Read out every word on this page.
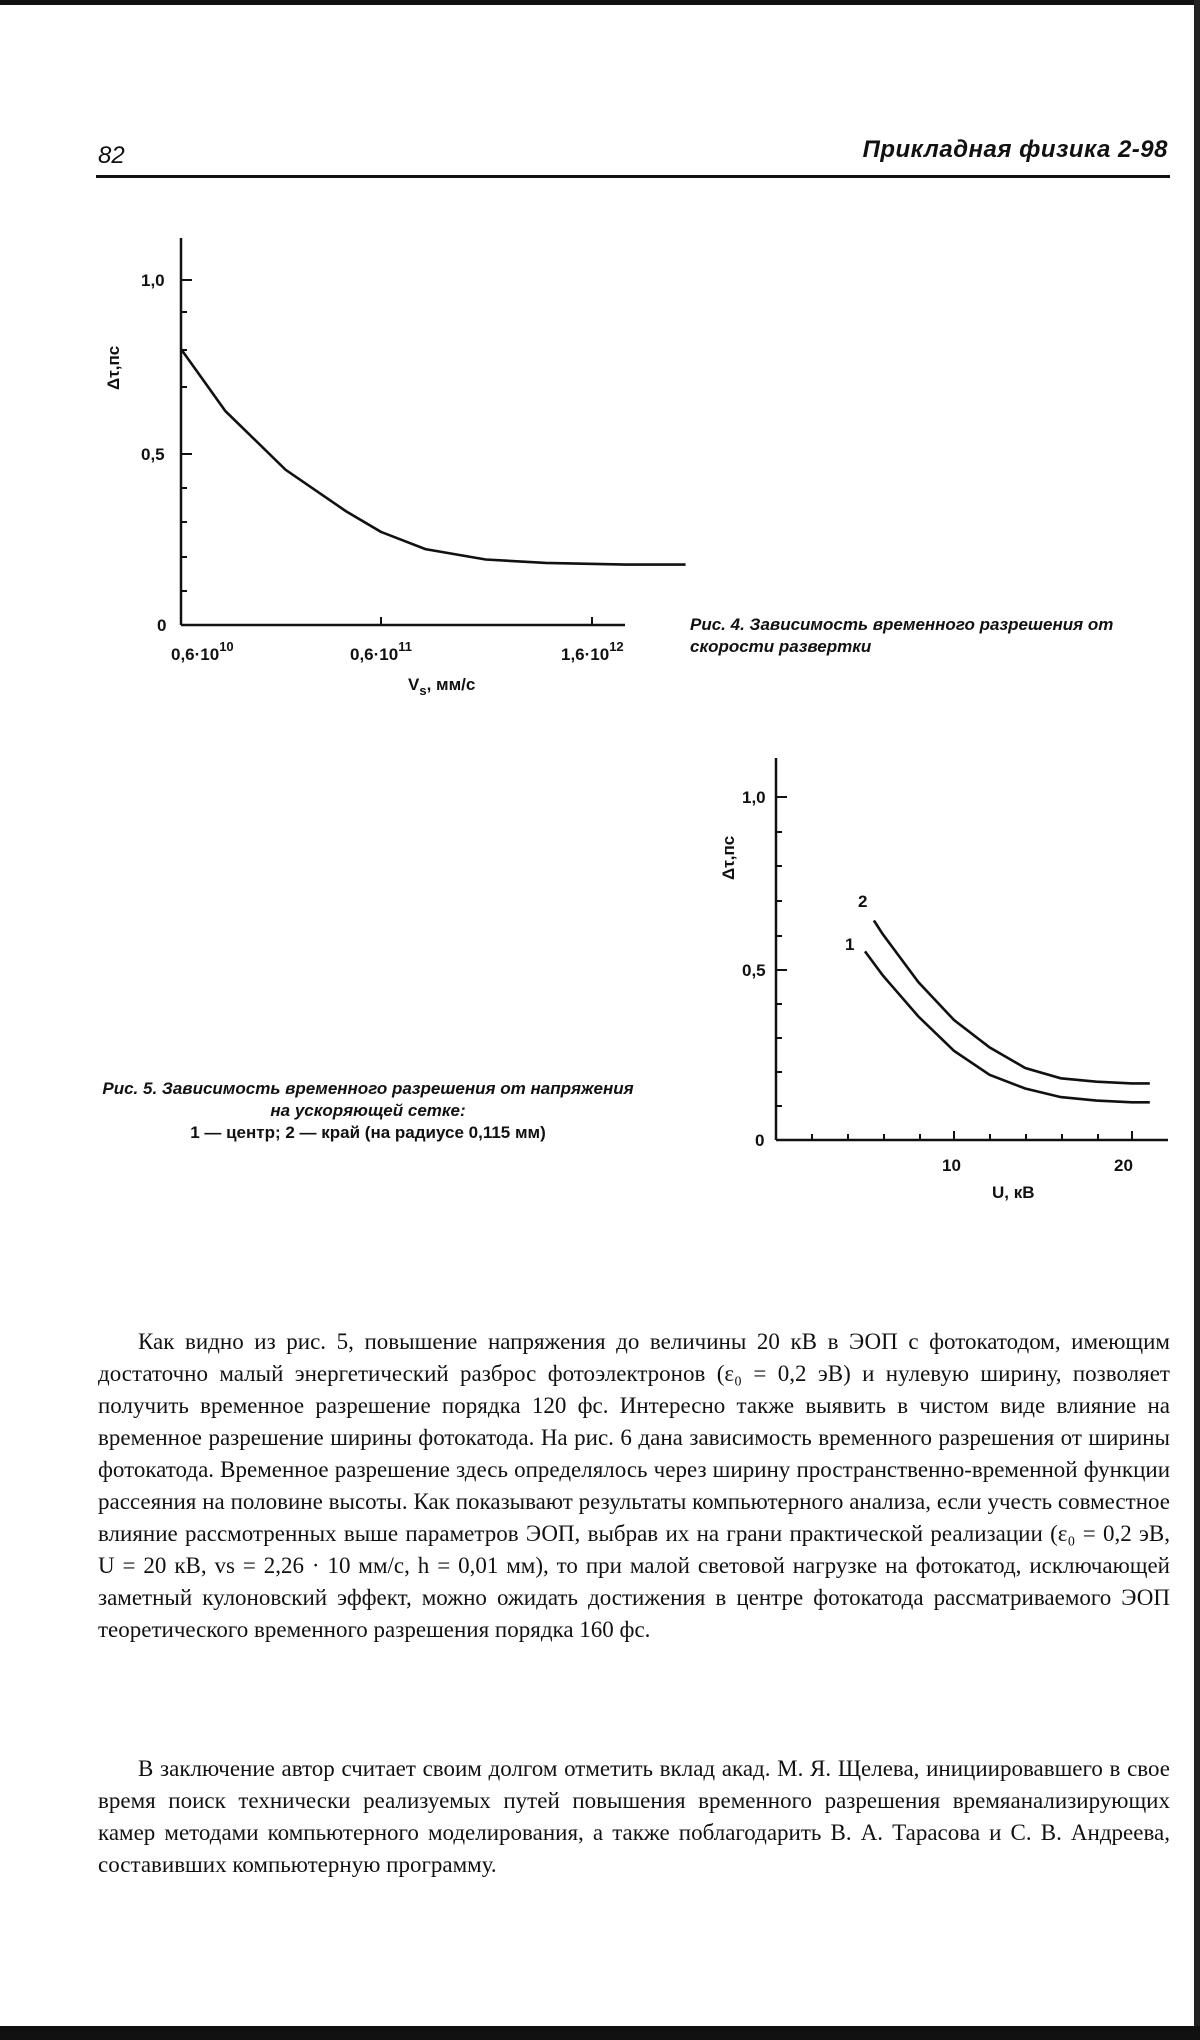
82	Прикладная физика 2-98
1,0
0,5
0
Δτ,пс
$0,6\cdot 10^{10}$	$0,6\cdot 10^{11}$	$1,6\cdot 10^{12}$
$V_s$, мм/с
1,0
0,5
0
Δτ,пс
10	20
U, кВ
1
2
Рис. 4. Зависимость временного разрешения от скорости развертки
Рис. 5. Зависимость временного разрешения от напряжения на ускоряющей сетке:
1 — центр; 2 — край (на радиусе 0,115 мм)
Как видно из рис. 5, повышение напряжения до величины 20 кВ в ЭОП с фотокатодом, имеющим достаточно малый энергетический разброс фотоэлектронов (ε₀ = 0,2 эВ) и нулевую ширину, позволяет получить временное разрешение порядка 120 фс. Интересно также выявить в чистом виде влияние на временное разрешение ширины фотокатода. На рис. 6 дана зависимость временного разрешения от ширины фотокатода. Временное разрешение здесь определялось через ширину пространственно-временной функции рассеяния на половине высоты. Как показывают результаты компьютерного анализа, если учесть совместное влияние рассмотренных выше параметров ЭОП, выбрав их на грани практической реализации (ε₀ = 0,2 эВ, U = 20 кВ, vs = 2,26 · 10 мм/с, h = 0,01 мм), то при малой световой нагрузке на фотокатод, исключающей заметный кулоновский эффект, можно ожидать достижения в центре фотокатода рассматриваемого ЭОП теоретического временного разрешения порядка 160 фс.
В заключение автор считает своим долгом отметить вклад акад. М. Я. Щелева, инициировавшего в свое время поиск технически реализуемых путей повышения временного разрешения времяанализирующих камер методами компьютерного моделирования, а также поблагодарить В. А. Тарасова и С. В. Андреева, составивших компьютерную программу.
